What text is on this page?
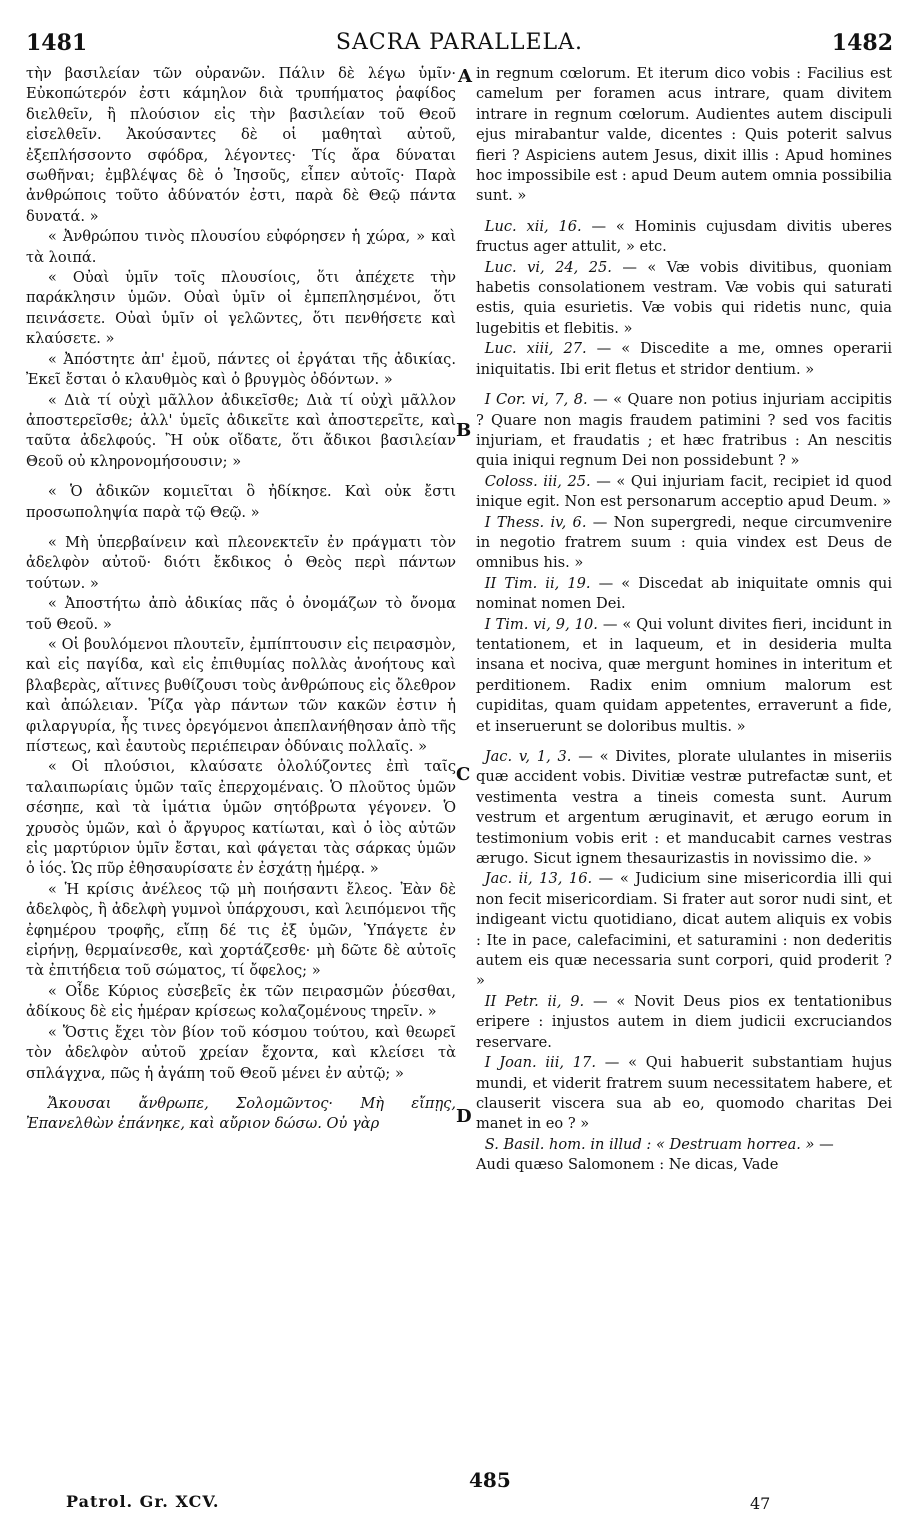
1481	SACRA PARALLELA.	1482

τὴν βασιλείαν τῶν οὐρανῶν. Πάλιν δὲ λέγω ὑμῖν· Εὐκοπώτερόν ἐστι κάμηλον διὰ τρυπήματος ῥαφίδος διελθεῖν, ἢ πλούσιον εἰς τὴν βασιλείαν τοῦ Θεοῦ εἰσελθεῖν. Ἀκούσαντες δὲ οἱ μαθηταὶ αὐτοῦ, ἐξεπλήσσοντο σφόδρα, λέγοντες· Τίς ἄρα δύναται σωθῆναι; ἐμβλέψας δὲ ὁ Ἰησοῦς, εἶπεν αὐτοῖς· Παρὰ ἀνθρώποις τοῦτο ἀδύνατόν ἐστι, παρὰ δὲ Θεῷ πάντα δυνατά. »

« Ἀνθρώπου τινὸς πλουσίου εὐφόρησεν ἡ χώρα, » καὶ τὰ λοιπά.

« Οὐαὶ ὑμῖν τοῖς πλουσίοις, ὅτι ἀπέχετε τὴν παράκλησιν ὑμῶν. Οὐαὶ ὑμῖν οἱ ἐμπεπλησμένοι, ὅτι πεινάσετε. Οὐαὶ ὑμῖν οἱ γελῶντες, ὅτι πενθήσετε καὶ κλαύσετε. »

« Ἀπόστητε ἀπ' ἐμοῦ, πάντες οἱ ἐργάται τῆς ἀδικίας. Ἐκεῖ ἔσται ὁ κλαυθμὸς καὶ ὁ βρυγμὸς ὀδόντων. »

« Διὰ τί οὐχὶ μᾶλλον ἀδικεῖσθε; Διὰ τί οὐχὶ μᾶλλον ἀποστερεῖσθε; ἀλλ' ὑμεῖς ἀδικεῖτε καὶ ἀποστερεῖτε, καὶ ταῦτα ἀδελφούς. Ἢ οὐκ οἴδατε, ὅτι ἄδικοι βασιλείαν Θεοῦ οὐ κληρονομήσουσιν; »

« Ὁ ἀδικῶν κομιεῖται ὃ ἠδίκησε. Καὶ οὐκ ἔστι προσωποληψία παρὰ τῷ Θεῷ. »

« Μὴ ὑπερβαίνειν καὶ πλεονεκτεῖν ἐν πράγματι τὸν ἀδελφὸν αὐτοῦ· διότι ἔκδικος ὁ Θεὸς περὶ πάντων τούτων. »

« Ἀποστήτω ἀπὸ ἀδικίας πᾶς ὁ ὀνομάζων τὸ ὄνομα τοῦ Θεοῦ. »

« Οἱ βουλόμενοι πλουτεῖν, ἐμπίπτουσιν εἰς πειρασμὸν, καὶ εἰς παγίδα, καὶ εἰς ἐπιθυμίας πολλὰς ἀνοήτους καὶ βλαβερὰς, αἵτινες βυθίζουσι τοὺς ἀνθρώπους εἰς ὄλεθρον καὶ ἀπώλειαν. Ῥίζα γὰρ πάντων τῶν κακῶν ἐστιν ἡ φιλαργυρία, ἧς τινες ὀρεγόμενοι ἀπεπλανήθησαν ἀπὸ τῆς πίστεως, καὶ ἑαυτοὺς περιέπειραν ὀδύναις πολλαῖς. »

« Οἱ πλούσιοι, κλαύσατε ὀλολύζοντες ἐπὶ ταῖς ταλαιπωρίαις ὑμῶν ταῖς ἐπερχομέναις. Ὁ πλοῦτος ὑμῶν σέσηπε, καὶ τὰ ἱμάτια ὑμῶν σητόβρωτα γέγονεν. Ὁ χρυσὸς ὑμῶν, καὶ ὁ ἄργυρος κατίωται, καὶ ὁ ἰὸς αὐτῶν εἰς μαρτύριον ὑμῖν ἔσται, καὶ φάγεται τὰς σάρκας ὑμῶν ὁ ἰός. Ὡς πῦρ ἐθησαυρίσατε ἐν ἐσχάτῃ ἡμέρᾳ. »

« Ἡ κρίσις ἀνέλεος τῷ μὴ ποιήσαντι ἔλεος. Ἐὰν δὲ ἀδελφὸς, ἢ ἀδελφὴ γυμνοὶ ὑπάρχουσι, καὶ λειπόμενοι τῆς ἐφημέρου τροφῆς, εἴπῃ δέ τις ἐξ ὑμῶν, Ὑπάγετε ἐν εἰρήνῃ, θερμαίνεσθε, καὶ χορτάζεσθε· μὴ δῶτε δὲ αὐτοῖς τὰ ἐπιτήδεια τοῦ σώματος, τί ὄφελος; »

« Οἶδε Κύριος εὐσεβεῖς ἐκ τῶν πειρασμῶν ῥύεσθαι, ἀδίκους δὲ εἰς ἡμέραν κρίσεως κολαζομένους τηρεῖν. »

« Ὅστις ἔχει τὸν βίον τοῦ κόσμου τούτου, καὶ θεωρεῖ τὸν ἀδελφὸν αὐτοῦ χρείαν ἔχοντα, καὶ κλείσει τὰ σπλάγχνα, πῶς ἡ ἀγάπη τοῦ Θεοῦ μένει ἐν αὐτῷ; »

Ἄκουσαι ἄνθρωπε, Σολομῶντος· Μὴ εἴπῃς, Ἐπανελθὼν ἐπάνηκε, καὶ αὔριον δώσω. Οὐ γὰρ

in regnum cœlorum. Et iterum dico vobis : Facilius est camelum per foramen acus intrare, quam divitem intrare in regnum cœlorum. Audientes autem discipuli ejus mirabantur valde, dicentes : Quis poterit salvus fieri ? Aspiciens autem Jesus, dixit illis : Apud homines hoc impossibile est : apud Deum autem omnia possibilia sunt. »

Luc. xii, 16. — « Hominis cujusdam divitis uberes fructus ager attulit, » etc.

Luc. vi, 24, 25. — « Væ vobis divitibus, quoniam habetis consolationem vestram. Væ vobis qui saturati estis, quia esurietis. Væ vobis qui ridetis nunc, quia lugebitis et flebitis. »

Luc. xiii, 27. — « Discedite a me, omnes operarii iniquitatis. Ibi erit fletus et stridor dentium. »

I Cor. vi, 7, 8. — « Quare non potius injuriam accipitis ? Quare non magis fraudem patimini ? sed vos facitis injuriam, et fraudatis ; et hæc fratribus : An nescitis quia iniqui regnum Dei non possidebunt ? »

Coloss. iii, 25. — « Qui injuriam facit, recipiet id quod inique egit. Non est personarum acceptio apud Deum. »

I Thess. iv, 6. — Non supergredi, neque circumvenire in negotio fratrem suum : quia vindex est Deus de omnibus his. »

II Tim. ii, 19. — « Discedat ab iniquitate omnis qui nominat nomen Dei.

I Tim. vi, 9, 10. — « Qui volunt divites fieri, incidunt in tentationem, et in laqueum, et in desideria multa insana et nociva, quæ mergunt homines in interitum et perditionem. Radix enim omnium malorum est cupiditas, quam quidam appetentes, erraverunt a fide, et inseruerunt se doloribus multis. »

Jac. v, 1, 3. — « Divites, plorate ululantes in miseriis quæ accident vobis. Divitiæ vestræ putrefactæ sunt, et vestimenta vestra a tineis comesta sunt. Aurum vestrum et argentum æruginavit, et ærugo eorum in testimonium vobis erit : et manducabit carnes vestras ærugo. Sicut ignem thesaurizastis in novissimo die. »

Jac. ii, 13, 16. — « Judicium sine misericordia illi qui non fecit misericordiam. Si frater aut soror nudi sint, et indigeant victu quotidiano, dicat autem aliquis ex vobis : Ite in pace, calefacimini, et saturamini : non dederitis autem eis quæ necessaria sunt corpori, quid proderit ? »

II Petr. ii, 9. — « Novit Deus pios ex tentationibus eripere : injustos autem in diem judicii excruciandos reservare.

I Joan. iii, 17. — « Qui habuerit substantiam hujus mundi, et viderit fratrem suum necessitatem habere, et clauserit viscera sua ab eo, quomodo charitas Dei manet in eo ? »

S. Basil. hom. in illud : « Destruam horrea. » —

Audi quæso Salomonem : Ne dicas, Vade

A
B
C
D
Patrol. Gr. XCV.
485
47
